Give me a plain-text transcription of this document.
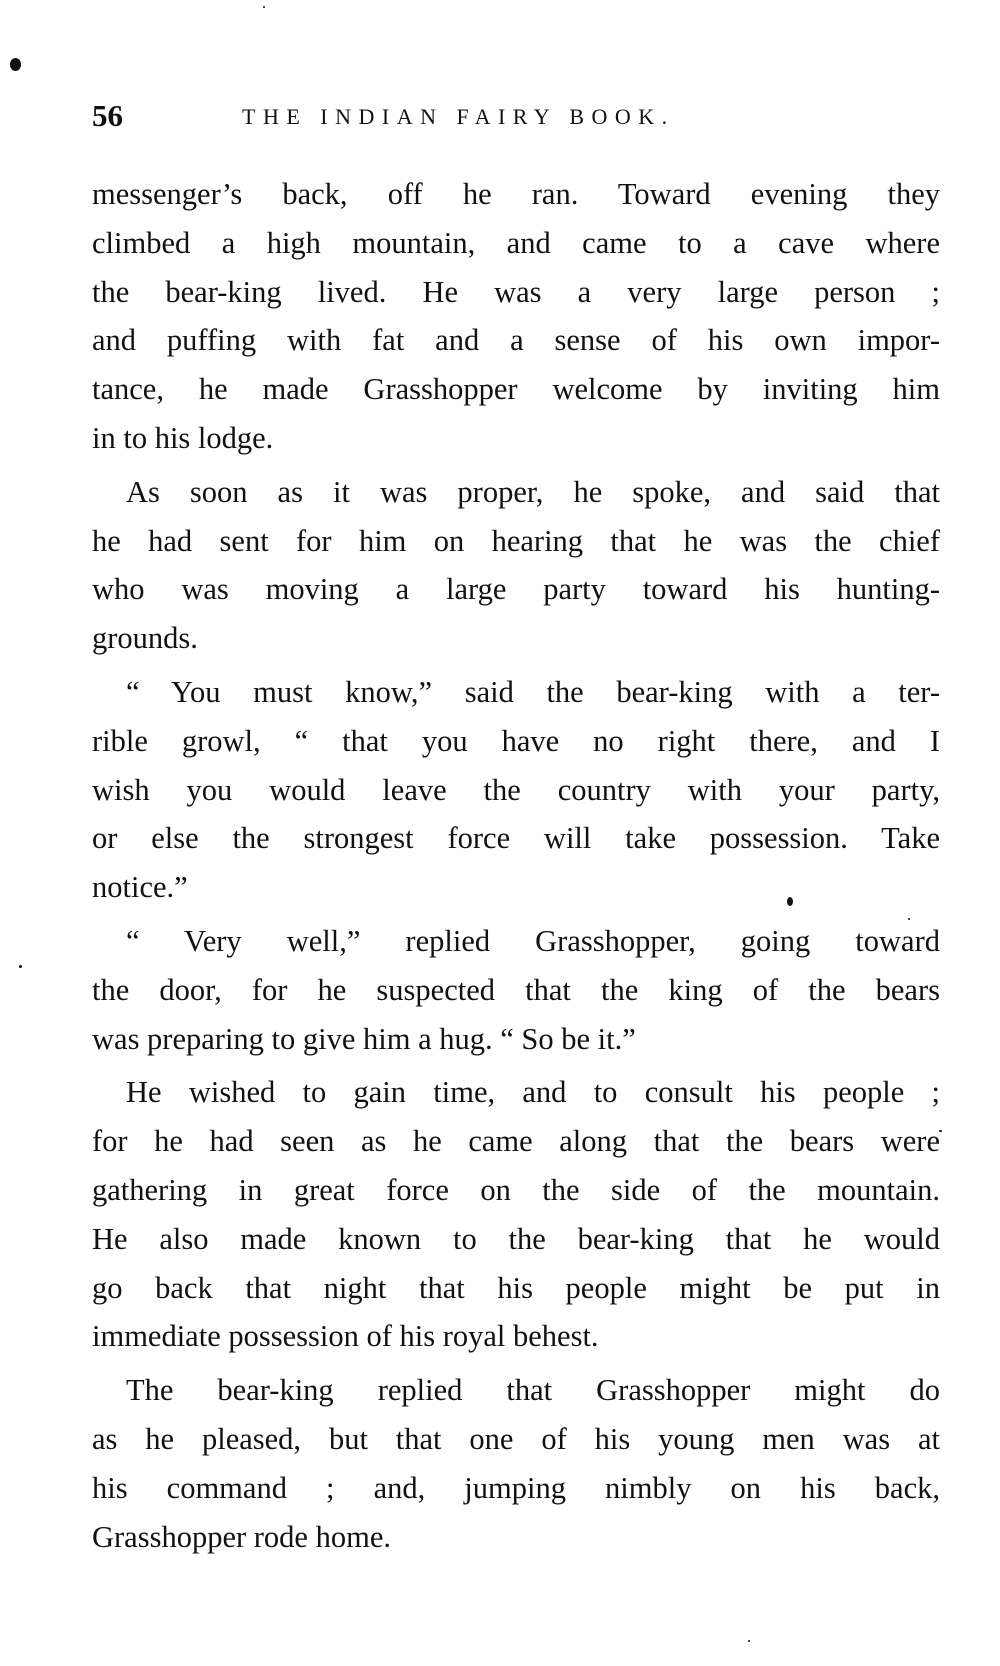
56	THE INDIAN FAIRY BOOK.
messenger’s back, off he ran. Toward evening they
climbed a high mountain, and came to a cave where
the bear-king lived. He was a very large person ;
and puffing with fat and a sense of his own impor-
tance, he made Grasshopper welcome by inviting him
in to his lodge.
As soon as it was proper, he spoke, and said that
he had sent for him on hearing that he was the chief
who was moving a large party toward his hunting-
grounds.
“ You must know,” said the bear-king with a ter-
rible growl, “ that you have no right there, and I
wish you would leave the country with your party,
or else the strongest force will take possession. Take
notice.”
“ Very well,” replied Grasshopper, going toward
the door, for he suspected that the king of the bears
was preparing to give him a hug. “ So be it.”
He wished to gain time, and to consult his people ;
for he had seen as he came along that the bears were
gathering in great force on the side of the mountain.
He also made known to the bear-king that he would
go back that night that his people might be put in
immediate possession of his royal behest.
The bear-king replied that Grasshopper might do
as he pleased, but that one of his young men was at
his command ; and, jumping nimbly on his back,
Grasshopper rode home.
